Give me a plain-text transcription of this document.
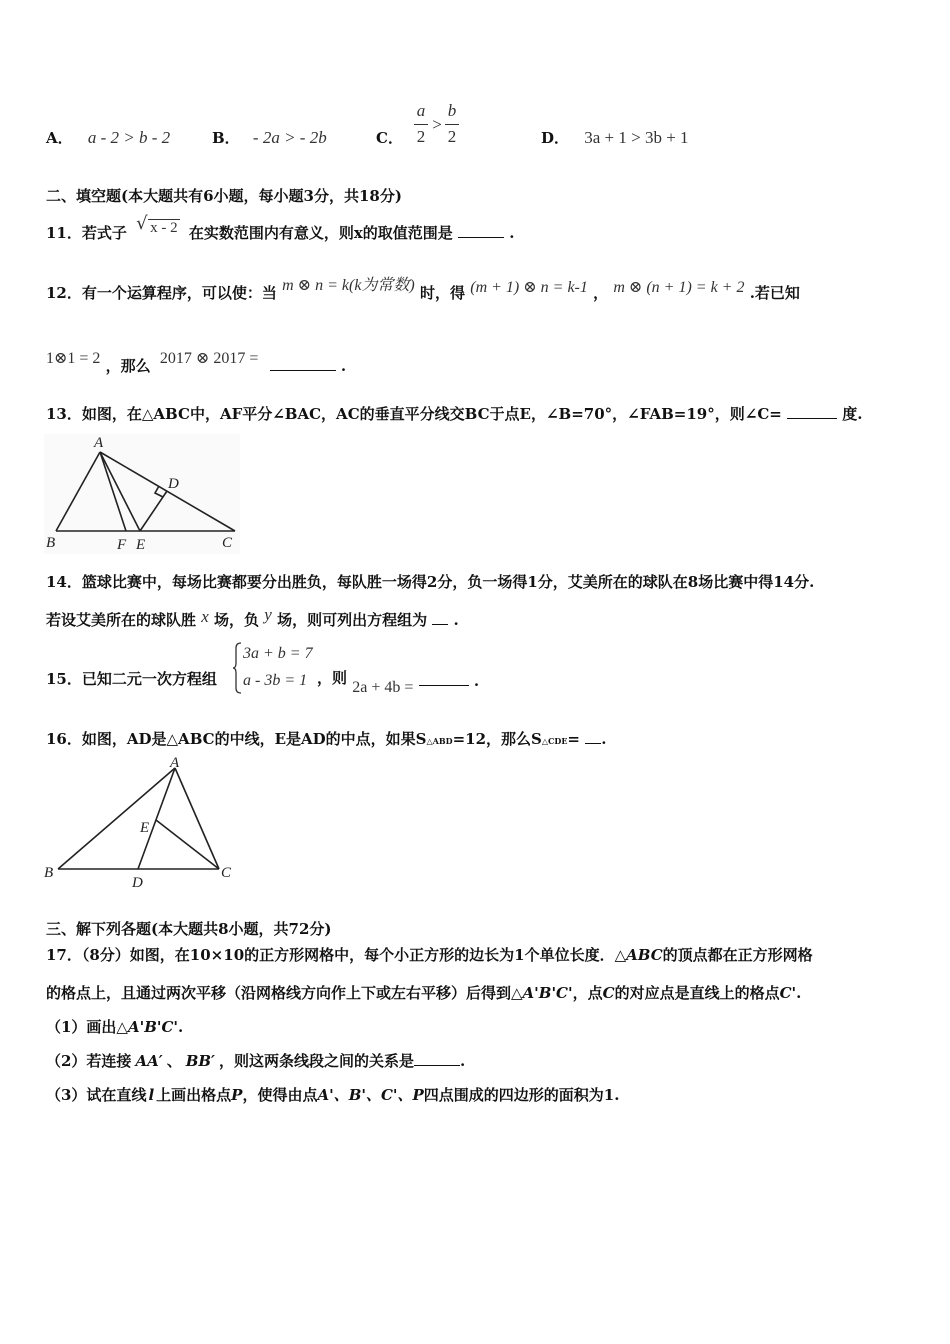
A． a - 2 > b - 2	B． - 2a > - 2b	C．
a
2
>
b
2	D． 3a + 1 > 3b + 1
二、填空题(本大题共有6小题，每小题3分，共18分)
11．若式子 √ x - 2 在实数范围内有意义，则x的取值范围是	.
12．有一个运算程序，可以使：当 m ⊗ n = k(k为常数) 时，得 (m + 1) ⊗ n = k-1 ， m ⊗ (n + 1) = k + 2 .若已知
1⊗1 = 2 ，那么 2017 ⊗ 2017 =	.
13．如图，在△ABC中，AF平分∠BAC，AC的垂直平分线交BC于点E，∠B=70°，∠FAB=19°，则∠C=	度.
A
D
B	F E	C
14．篮球比赛中，每场比赛都要分出胜负，每队胜一场得2分，负一场得1分，艾美所在的球队在8场比赛中得14分.
若设艾美所在的球队胜 x 场，负 y 场，则可列出方程组为 .
15．已知二元一次方程组
3a + b = 7
a - 3b = 1 ，则 2a + 4b =	.
16．如图，AD是△ABC的中线，E是AD的中点，如果S△ABD=12，那么S△CDE= .
A
E
B
D
C
三、解下列各题(本大题共8小题，共72分)
17．（8分）如图，在10×10的正方形网格中，每个小正方形的边长为1个单位长度．△ABC的顶点都在正方形网格
的格点上，且通过两次平移（沿网格线方向作上下或左右平移）后得到△A'B'C'，点C的对应点是直线上的格点C'.
（1）画出△A'B'C'.
（2）若连接 AA′ 、 BB′ ，则这两条线段之间的关系是	.
（3）试在直线 l 上画出格点P，使得由点A'、B'、C'、P四点围成的四边形的面积为1.
